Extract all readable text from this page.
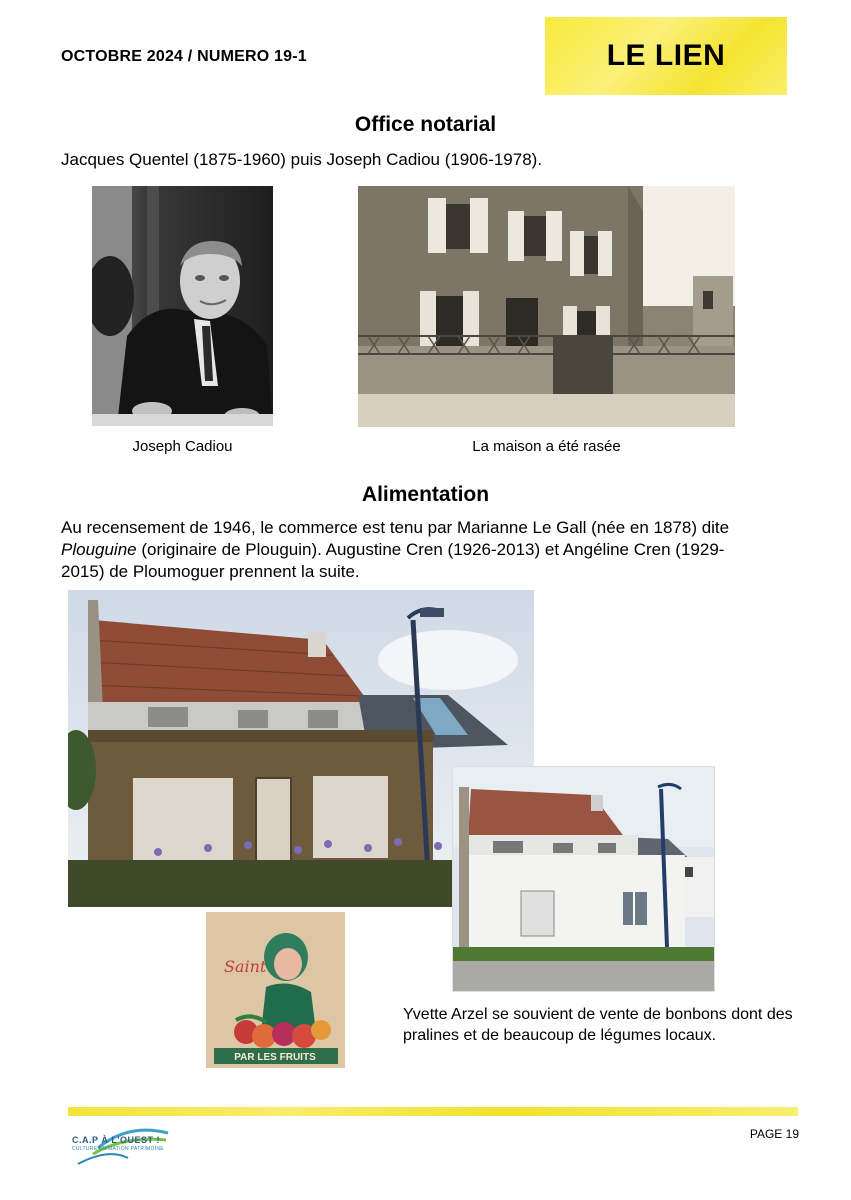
OCTOBRE 2024 / NUMERO 19-1	LE LIEN
Office notarial
Jacques Quentel (1875-1960) puis Joseph Cadiou (1906-1978).
Joseph Cadiou	La maison a été rasée
Alimentation
Au recensement de 1946, le commerce est tenu par Marianne Le Gall (née en 1878) dite
Plouguine (originaire de Plouguin). Augustine Cren (1926-2013) et Angéline Cren (1929-
2015) de Ploumoguer prennent la suite.
Saint
PAR LES FRUITS
Yvette Arzel se souvient de vente de bonbons dont des pralines et de beaucoup de légumes locaux.
C.A.P À L'OUEST !
CULTURE ANIMATION PATRIMOINE
PAGE 19
